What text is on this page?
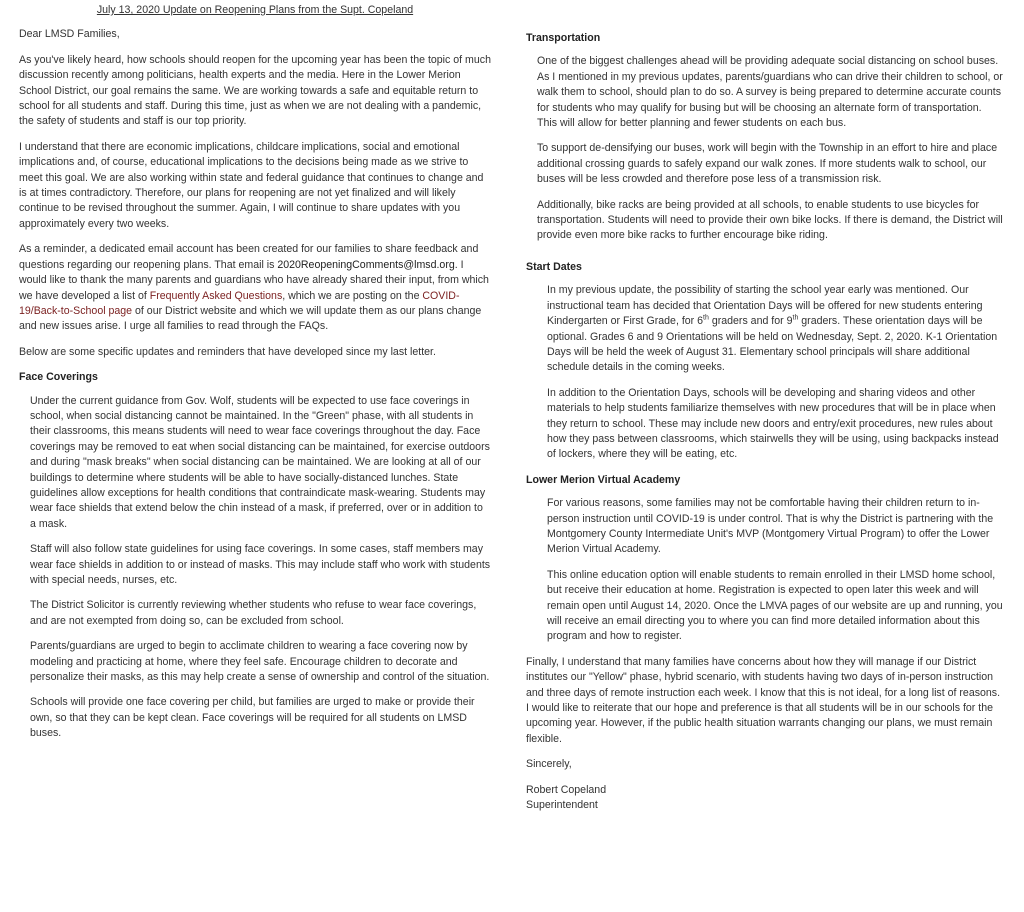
July 13, 2020 Update on Reopening Plans from the Supt. Copeland

Dear LMSD Families,

As you've likely heard, how schools should reopen for the upcoming year has been the topic of much discussion recently among politicians, health experts and the media. Here in the Lower Merion School District, our goal remains the same. We are working towards a safe and equitable return to school for all students and staff. During this time, just as when we are not dealing with a pandemic, the safety of students and staff is our top priority.

I understand that there are economic implications, childcare implications, social and emotional implications and, of course, educational implications to the decisions being made as we strive to meet this goal. We are also working within state and federal guidance that continues to change and is at times contradictory. Therefore, our plans for reopening are not yet finalized and will likely continue to be revised throughout the summer. Again, I will continue to share updates with you approximately every two weeks.

As a reminder, a dedicated email account has been created for our families to share feedback and questions regarding our reopening plans. That email is 2020ReopeningComments@lmsd.org. I would like to thank the many parents and guardians who have already shared their input, from which we have developed a list of Frequently Asked Questions, which we are posting on the COVID-19/Back-to-School page of our District website and which we will update them as our plans change and new issues arise. I urge all families to read through the FAQs.

Below are some specific updates and reminders that have developed since my last letter.

Face Coverings

Under the current guidance from Gov. Wolf, students will be expected to use face coverings in school, when social distancing cannot be maintained. In the "Green" phase, with all students in their classrooms, this means students will need to wear face coverings throughout the day. Face coverings may be removed to eat when social distancing can be maintained, for exercise outdoors and during "mask breaks" when social distancing can be maintained. We are looking at all of our buildings to determine where students will be able to have socially-distanced lunches. State guidelines allow exceptions for health conditions that contraindicate mask-wearing. Students may wear face shields that extend below the chin instead of a mask, if preferred, over or in addition to a mask.

Staff will also follow state guidelines for using face coverings. In some cases, staff members may wear face shields in addition to or instead of masks. This may include staff who work with students with special needs, nurses, etc.

The District Solicitor is currently reviewing whether students who refuse to wear face coverings, and are not exempted from doing so, can be excluded from school.

Parents/guardians are urged to begin to acclimate children to wearing a face covering now by modeling and practicing at home, where they feel safe. Encourage children to decorate and personalize their masks, as this may help create a sense of ownership and control of the situation.

Schools will provide one face covering per child, but families are urged to make or provide their own, so that they can be kept clean. Face coverings will be required for all students on LMSD buses.

Transportation

One of the biggest challenges ahead will be providing adequate social distancing on school buses. As I mentioned in my previous updates, parents/guardians who can drive their children to school, or walk them to school, should plan to do so. A survey is being prepared to determine accurate counts for students who may qualify for busing but will be choosing an alternate form of transportation. This will allow for better planning and fewer students on each bus.

To support de-densifying our buses, work will begin with the Township in an effort to hire and place additional crossing guards to safely expand our walk zones. If more students walk to school, our buses will be less crowded and therefore pose less of a transmission risk.

Additionally, bike racks are being provided at all schools, to enable students to use bicycles for transportation. Students will need to provide their own bike locks. If there is demand, the District will provide even more bike racks to further encourage bike riding.

Start Dates

In my previous update, the possibility of starting the school year early was mentioned. Our instructional team has decided that Orientation Days will be offered for new students entering Kindergarten or First Grade, for 6th graders and for 9th graders. These orientation days will be optional. Grades 6 and 9 Orientations will be held on Wednesday, Sept. 2, 2020. K-1 Orientation Days will be held the week of August 31. Elementary school principals will share additional schedule details in the coming weeks.

In addition to the Orientation Days, schools will be developing and sharing videos and other materials to help students familiarize themselves with new procedures that will be in place when they return to school. These may include new doors and entry/exit procedures, new rules about how they pass between classrooms, which stairwells they will be using, using backpacks instead of lockers, where they will be eating, etc.

Lower Merion Virtual Academy

For various reasons, some families may not be comfortable having their children return to in-person instruction until COVID-19 is under control. That is why the District is partnering with the Montgomery County Intermediate Unit's MVP (Montgomery Virtual Program) to offer the Lower Merion Virtual Academy.

This online education option will enable students to remain enrolled in their LMSD home school, but receive their education at home. Registration is expected to open later this week and will remain open until August 14, 2020. Once the LMVA pages of our website are up and running, you will receive an email directing you to where you can find more detailed information about this program and how to register.

Finally, I understand that many families have concerns about how they will manage if our District institutes our "Yellow" phase, hybrid scenario, with students having two days of in-person instruction and three days of remote instruction each week. I know that this is not ideal, for a long list of reasons. I would like to reiterate that our hope and preference is that all students will be in our schools for the upcoming year. However, if the public health situation warrants changing our plans, we must remain flexible.

Sincerely,

Robert Copeland
Superintendent
